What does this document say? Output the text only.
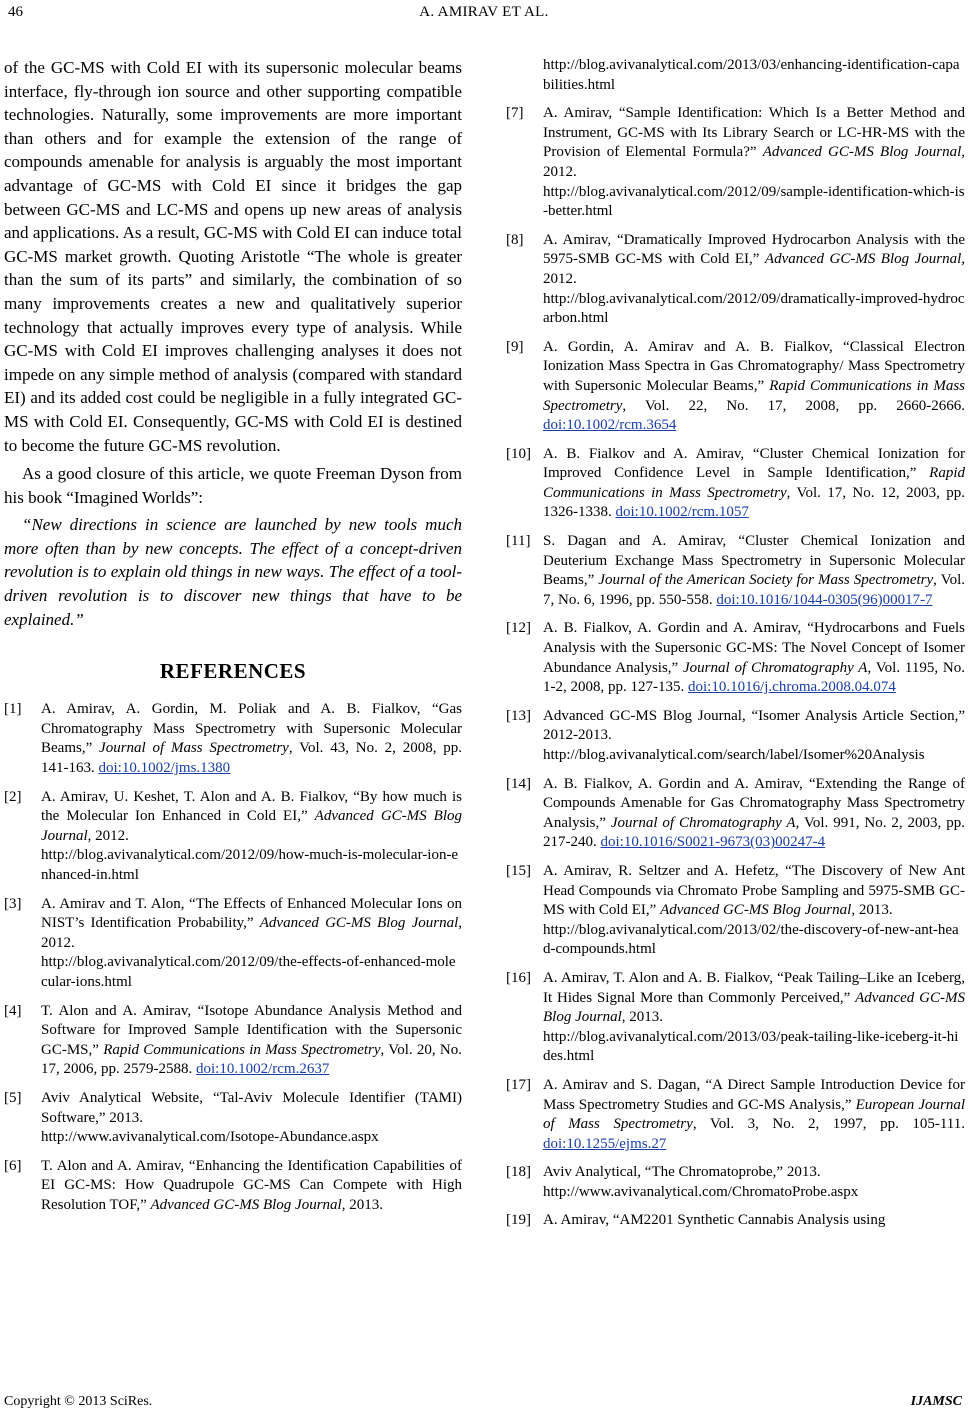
46	A. AMIRAV ET AL.

of the GC-MS with Cold EI with its supersonic molecular beams interface, fly-through ion source and other supporting compatible technologies. Naturally, some improvements are more important than others and for example the extension of the range of compounds amenable for analysis is arguably the most important advantage of GC-MS with Cold EI since it bridges the gap between GC-MS and LC-MS and opens up new areas of analysis and applications. As a result, GC-MS with Cold EI can induce total GC-MS market growth. Quoting Aristotle “The whole is greater than the sum of its parts” and similarly, the combination of so many improvements creates a new and qualitatively superior technology that actually improves every type of analysis. While GC-MS with Cold EI improves challenging analyses it does not impede on any simple method of analysis (compared with standard EI) and its added cost could be negligible in a fully integrated GC-MS with Cold EI. Consequently, GC-MS with Cold EI is destined to become the future GC-MS revolution.

As a good closure of this article, we quote Freeman Dyson from his book “Imagined Worlds”:

“New directions in science are launched by new tools much more often than by new concepts. The effect of a concept-driven revolution is to explain old things in new ways. The effect of a tool-driven revolution is to discover new things that have to be explained.”

REFERENCES
[1] A. Amirav, A. Gordin, M. Poliak and A. B. Fialkov, “Gas Chromatography Mass Spectrometry with Supersonic Molecular Beams,” Journal of Mass Spectrometry, Vol. 43, No. 2, 2008, pp. 141-163. doi:10.1002/jms.1380
[2] A. Amirav, U. Keshet, T. Alon and A. B. Fialkov, “By how much is the Molecular Ion Enhanced in Cold EI,” Advanced GC-MS Blog Journal, 2012.
http://blog.avivanalytical.com/2012/09/how-much-is-molecular-ion-enhanced-in.html
[3] A. Amirav and T. Alon, “The Effects of Enhanced Molecular Ions on NIST’s Identification Probability,” Advanced GC-MS Blog Journal, 2012.
http://blog.avivanalytical.com/2012/09/the-effects-of-enhanced-molecular-ions.html
[4] T. Alon and A. Amirav, “Isotope Abundance Analysis Method and Software for Improved Sample Identification with the Supersonic GC-MS,” Rapid Communications in Mass Spectrometry, Vol. 20, No. 17, 2006, pp. 2579-2588. doi:10.1002/rcm.2637
[5] Aviv Analytical Website, “Tal-Aviv Molecule Identifier (TAMI) Software,” 2013.
http://www.avivanalytical.com/Isotope-Abundance.aspx
[6] T. Alon and A. Amirav, “Enhancing the Identification Capabilities of EI GC-MS: How Quadrupole GC-MS Can Compete with High Resolution TOF,” Advanced GC-MS Blog Journal, 2013.
http://blog.avivanalytical.com/2013/03/enhancing-identification-capabilities.html
[7] A. Amirav, “Sample Identification: Which Is a Better Method and Instrument, GC-MS with Its Library Search or LC-HR-MS with the Provision of Elemental Formula?” Advanced GC-MS Blog Journal, 2012.
http://blog.avivanalytical.com/2012/09/sample-identification-which-is-better.html
[8] A. Amirav, “Dramatically Improved Hydrocarbon Analysis with the 5975-SMB GC-MS with Cold EI,” Advanced GC-MS Blog Journal, 2012.
http://blog.avivanalytical.com/2012/09/dramatically-improved-hydrocarbon.html
[9] A. Gordin, A. Amirav and A. B. Fialkov, “Classical Electron Ionization Mass Spectra in Gas Chromatography/ Mass Spectrometry with Supersonic Molecular Beams,” Rapid Communications in Mass Spectrometry, Vol. 22, No. 17, 2008, pp. 2660-2666. doi:10.1002/rcm.3654
[10] A. B. Fialkov and A. Amirav, “Cluster Chemical Ionization for Improved Confidence Level in Sample Identification,” Rapid Communications in Mass Spectrometry, Vol. 17, No. 12, 2003, pp. 1326-1338. doi:10.1002/rcm.1057
[11] S. Dagan and A. Amirav, “Cluster Chemical Ionization and Deuterium Exchange Mass Spectrometry in Supersonic Molecular Beams,” Journal of the American Society for Mass Spectrometry, Vol. 7, No. 6, 1996, pp. 550-558. doi:10.1016/1044-0305(96)00017-7
[12] A. B. Fialkov, A. Gordin and A. Amirav, “Hydrocarbons and Fuels Analysis with the Supersonic GC-MS: The Novel Concept of Isomer Abundance Analysis,” Journal of Chromatography A, Vol. 1195, No. 1-2, 2008, pp. 127-135. doi:10.1016/j.chroma.2008.04.074
[13] Advanced GC-MS Blog Journal, “Isomer Analysis Article Section,” 2012-2013.
http://blog.avivanalytical.com/search/label/Isomer%20Analysis
[14] A. B. Fialkov, A. Gordin and A. Amirav, “Extending the Range of Compounds Amenable for Gas Chromatography Mass Spectrometry Analysis,” Journal of Chromatography A, Vol. 991, No. 2, 2003, pp. 217-240. doi:10.1016/S0021-9673(03)00247-4
[15] A. Amirav, R. Seltzer and A. Hefetz, “The Discovery of New Ant Head Compounds via Chromato Probe Sampling and 5975-SMB GC-MS with Cold EI,” Advanced GC-MS Blog Journal, 2013.
http://blog.avivanalytical.com/2013/02/the-discovery-of-new-ant-head-compounds.html
[16] A. Amirav, T. Alon and A. B. Fialkov, “Peak Tailing–Like an Iceberg, It Hides Signal More than Commonly Perceived,” Advanced GC-MS Blog Journal, 2013.
http://blog.avivanalytical.com/2013/03/peak-tailing-like-iceberg-it-hides.html
[17] A. Amirav and S. Dagan, “A Direct Sample Introduction Device for Mass Spectrometry Studies and GC-MS Analysis,” European Journal of Mass Spectrometry, Vol. 3, No. 2, 1997, pp. 105-111. doi:10.1255/ejms.27
[18] Aviv Analytical, “The Chromatoprobe,” 2013.
http://www.avivanalytical.com/ChromatoProbe.aspx
[19] A. Amirav, “AM2201 Synthetic Cannabis Analysis using
Copyright © 2013 SciRes.	IJAMSC
